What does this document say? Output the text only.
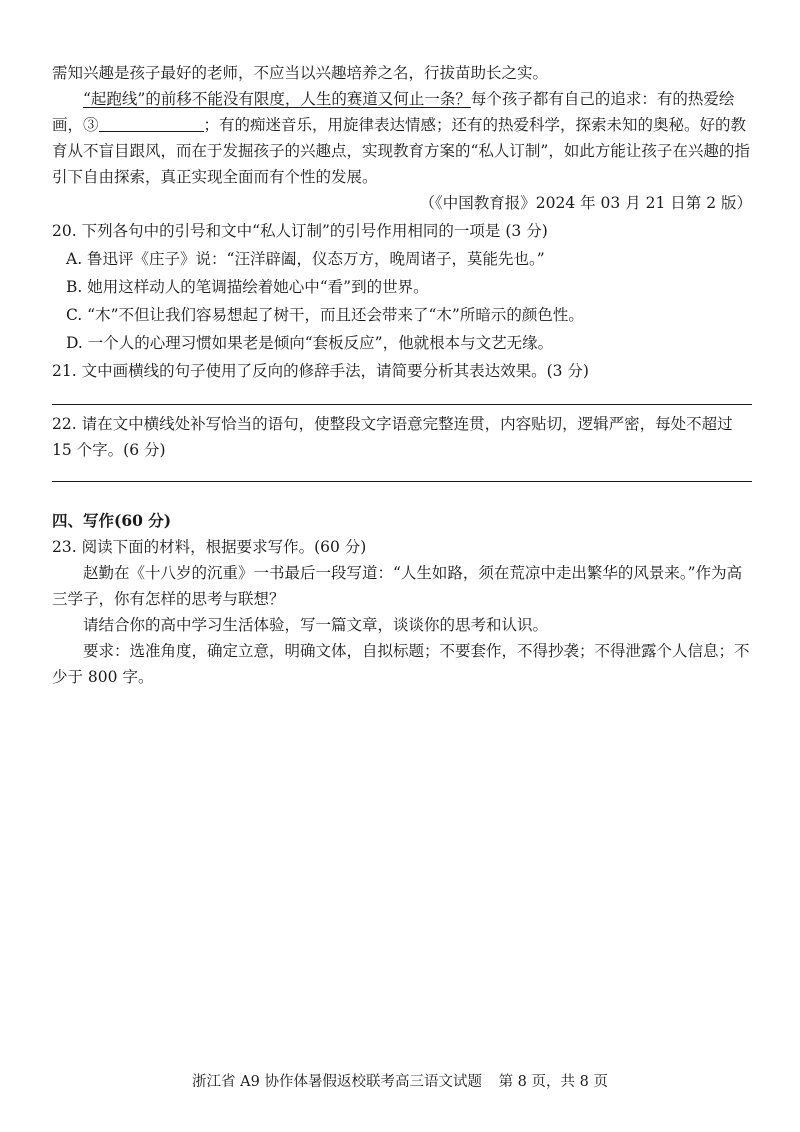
需知兴趣是孩子最好的老师，不应当以兴趣培养之名，行拔苗助长之实。

“起跑线”的前移不能没有限度，人生的赛道又何止一条？每个孩子都有自己的追求：有的热爱绘画，③	；有的痴迷音乐，用旋律表达情感；还有的热爱科学，探索未知的奥秘。好的教育从不盲目跟风，而在于发掘孩子的兴趣点，实现教育方案的“私人订制”，如此方能让孩子在兴趣的指引下自由探索，真正实现全面而有个性的发展。

（《中国教育报》2024 年 03 月 21 日第 2 版）

20. 下列各句中的引号和文中“私人订制”的引号作用相同的一项是 (3 分)

A. 鲁迅评《庄子》说：“汪洋辟阖，仪态万方，晚周诸子，莫能先也。”

B. 她用这样动人的笔调描绘着她心中“看”到的世界。

C. “木”不但让我们容易想起了树干，而且还会带来了“木”所暗示的颜色性。

D. 一个人的心理习惯如果老是倾向“套板反应”，他就根本与文艺无缘。

21. 文中画横线的句子使用了反向的修辞手法，请简要分析其表达效果。(3 分)

22. 请在文中横线处补写恰当的语句，使整段文字语意完整连贯，内容贴切，逻辑严密，每处不超过 15 个字。(6 分)

四、写作(60 分)

23. 阅读下面的材料，根据要求写作。(60 分)

赵勤在《十八岁的沉重》一书最后一段写道：“人生如路，须在荒凉中走出繁华的风景来。”作为高三学子，你有怎样的思考与联想？

请结合你的高中学习生活体验，写一篇文章，谈谈你的思考和认识。

要求：选准角度，确定立意，明确文体，自拟标题；不要套作，不得抄袭；不得泄露个人信息；不少于 800 字。

浙江省 A9 协作体暑假返校联考高三语文试题 第 8 页，共 8 页
